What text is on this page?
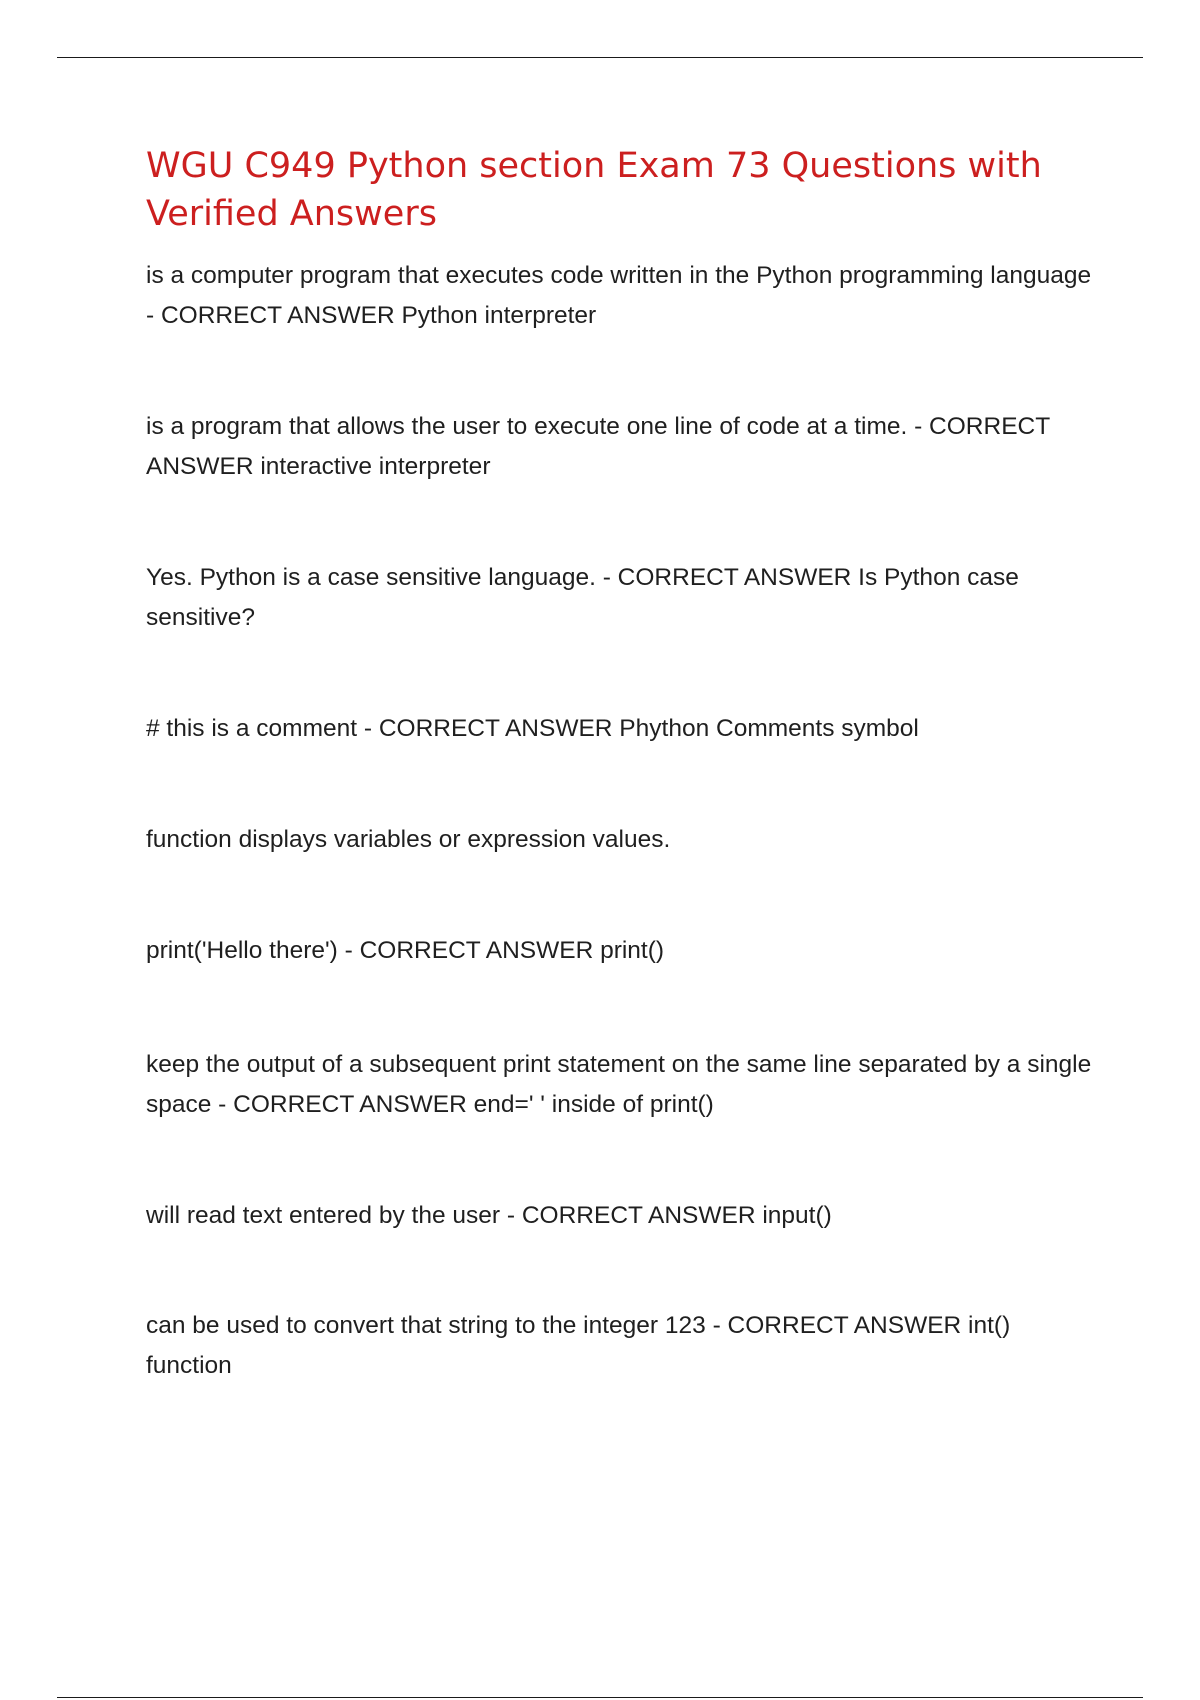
WGU C949 Python section Exam 73 Questions with Verified Answers

is a computer program that executes code written in the Python programming language - CORRECT ANSWER Python interpreter

is a program that allows the user to execute one line of code at a time. - CORRECT ANSWER interactive interpreter

Yes. Python is a case sensitive language. - CORRECT ANSWER Is Python case sensitive?

# this is a comment - CORRECT ANSWER Phython Comments symbol

function displays variables or expression values.

print('Hello there') - CORRECT ANSWER print()

keep the output of a subsequent print statement on the same line separated by a single space - CORRECT ANSWER end=' ' inside of print()

will read text entered by the user - CORRECT ANSWER input()

can be used to convert that string to the integer 123 - CORRECT ANSWER int() function
